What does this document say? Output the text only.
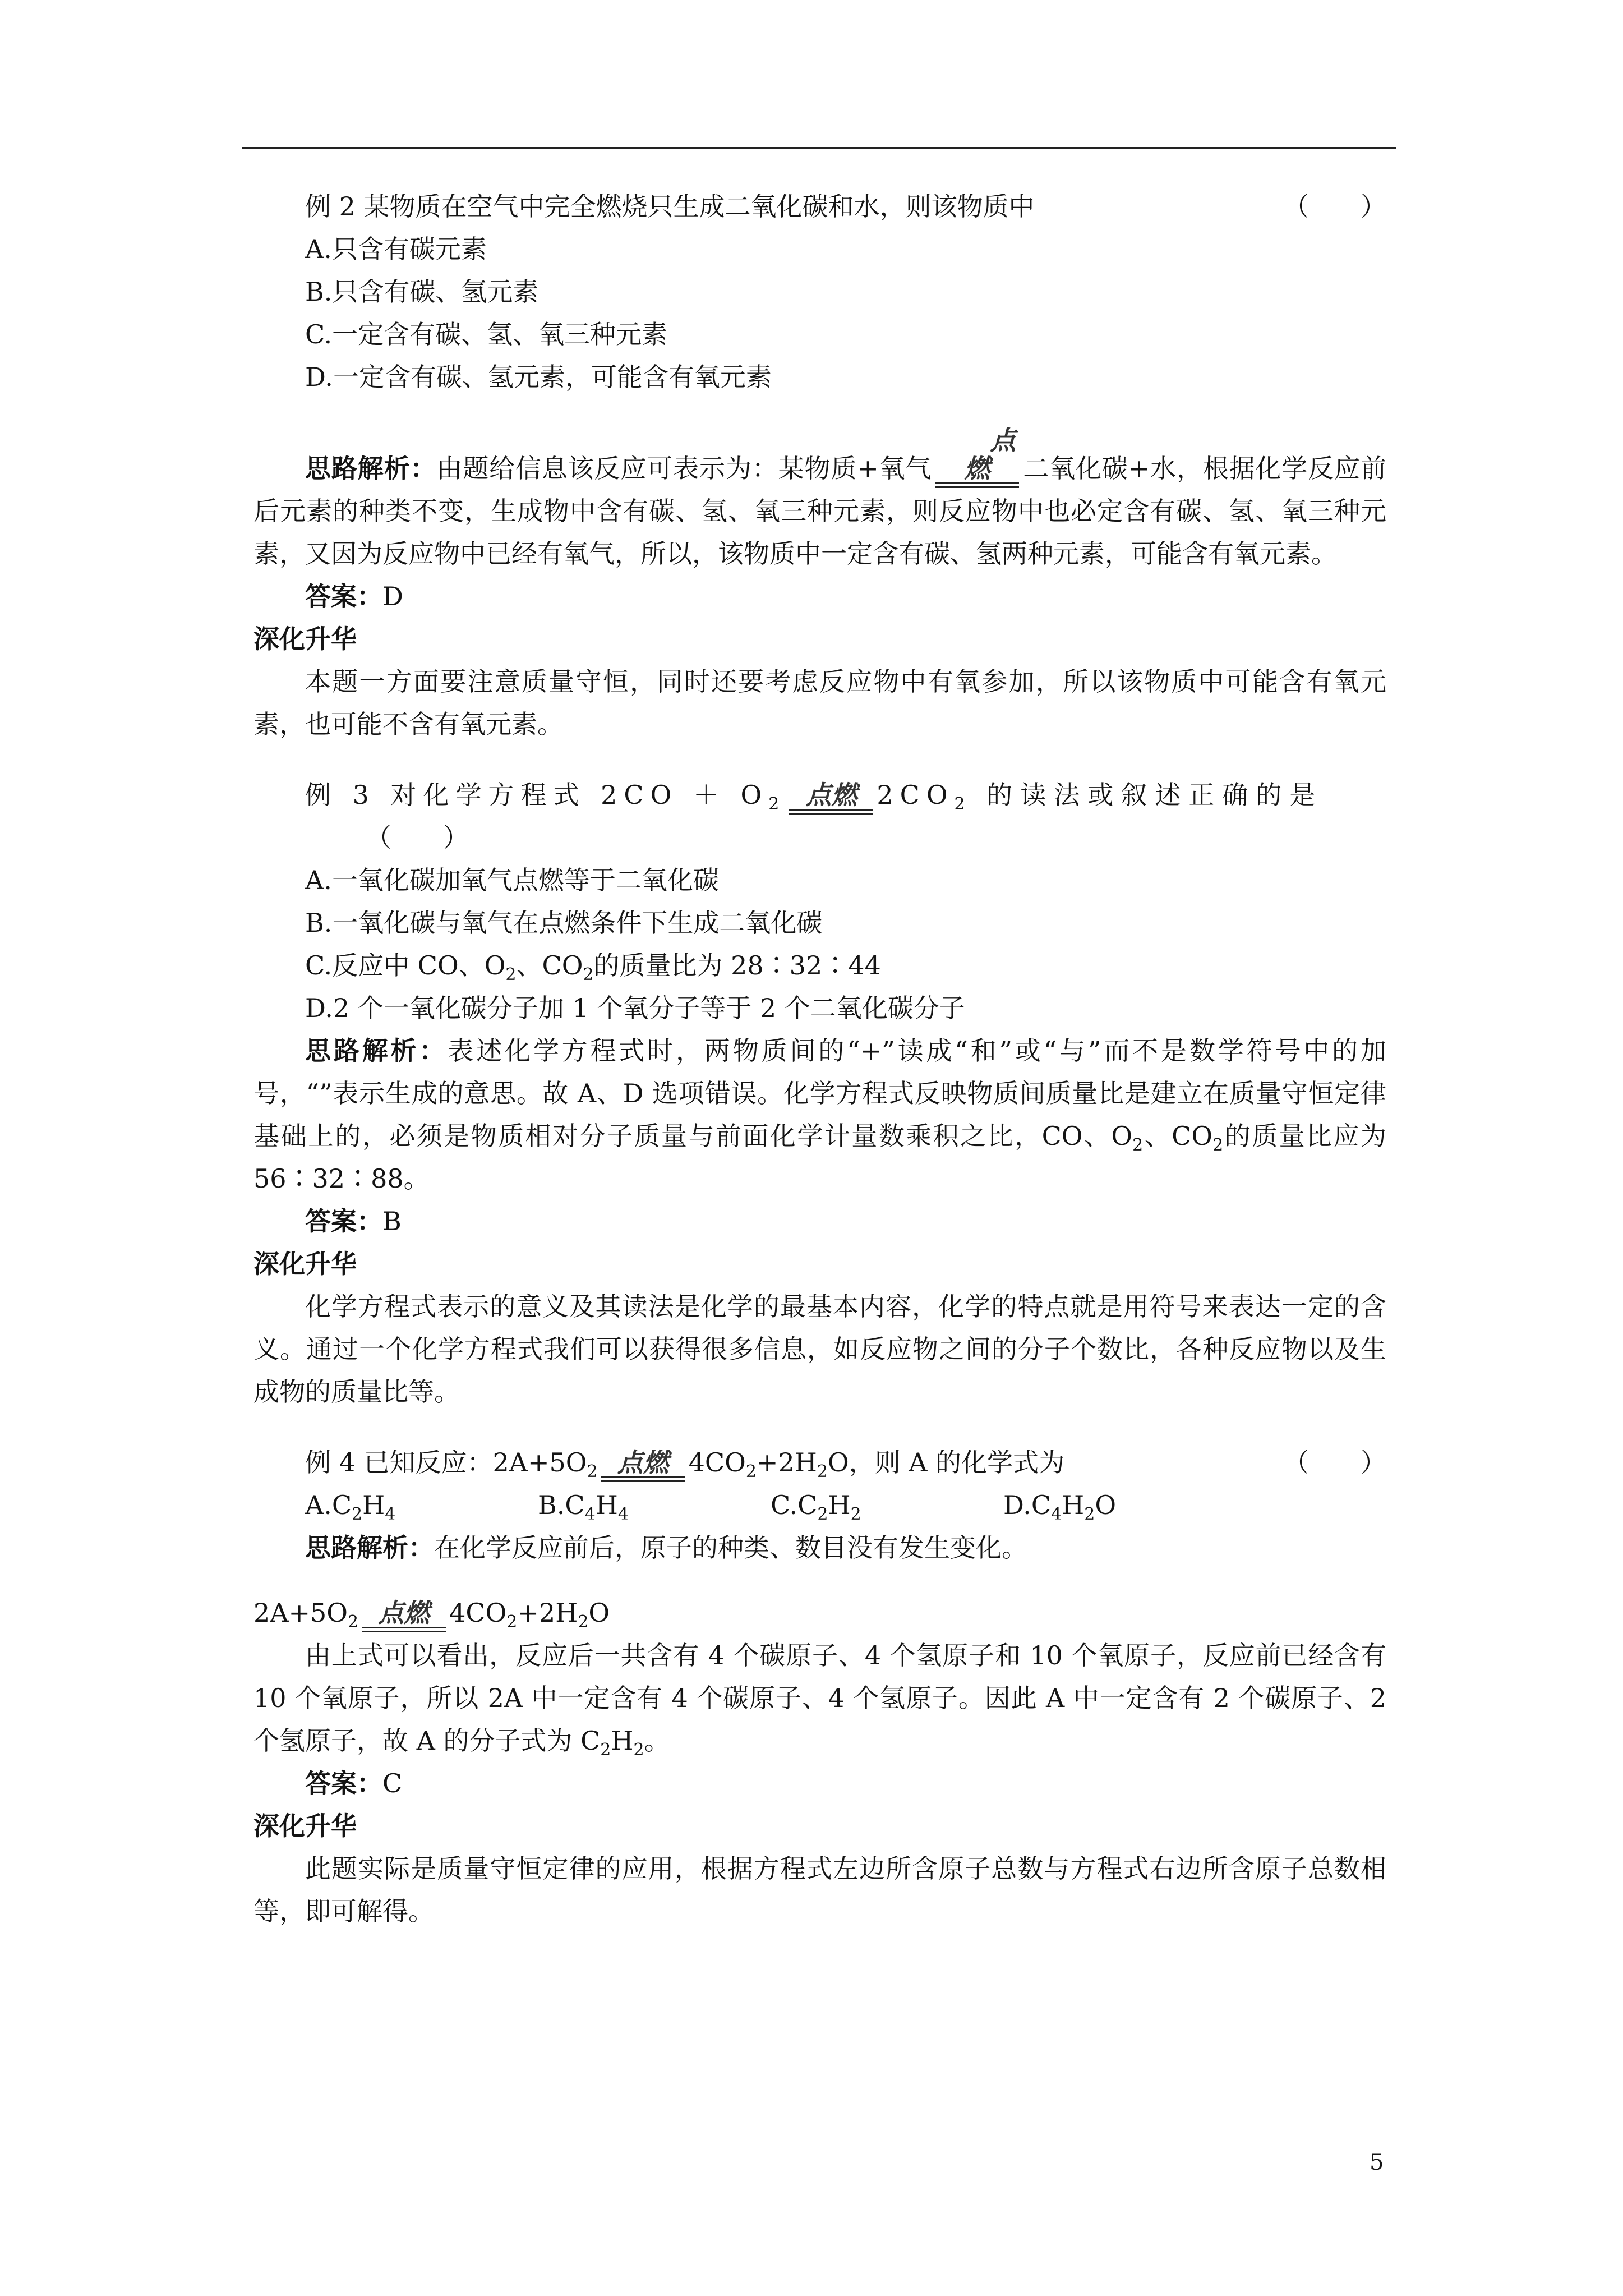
例 2 某物质在空气中完全燃烧只生成二氧化碳和水，则该物质中	（　　）
A.只含有碳元素
B.只含有碳、氢元素
C.一定含有碳、氢、氧三种元素
D.一定含有碳、氢元素，可能含有氧元素
思路解析：由题给信息该反应可表示为：某物质+氧气
点燃	二氧化碳+水，根据化学反应前后元素的种类不变，生成物中含有碳、氢、氧三种元素，则反应物中也必定含有碳、氢、氧三种元素，又因为反应物中已经有氧气，所以，该物质中一定含有碳、氢两种元素，可能含有氧元素。
答案：D
深化升华
本题一方面要注意质量守恒，同时还要考虑反应物中有氧参加，所以该物质中可能含有氧元素，也可能不含有氧元素。
例 3 对化学方程式 $2CO + O_2$ 点燃 $2CO_2$ 的读法或叙述正确的是
（　　）
A.一氧化碳加氧气点燃等于二氧化碳
B.一氧化碳与氧气在点燃条件下生成二氧化碳
C.反应中 CO、$O_2$、$CO_2$的质量比为 28∶32∶44
D.2 个一氧化碳分子加 1 个氧分子等于 2 个二氧化碳分子
思路解析：表述化学方程式时，两物质间的“+”读成“和”或“与”而不是数学符号中的加号，“”表示生成的意思。故 A、D 选项错误。化学方程式反映物质间质量比是建立在质量守恒定律基础上的，必须是物质相对分子质量与前面化学计量数乘积之比，CO、$O_2$、$CO_2$的质量比应为 56∶32∶88。
答案：B
深化升华
化学方程式表示的意义及其读法是化学的最基本内容，化学的特点就是用符号来表达一定的含义。通过一个化学方程式我们可以获得很多信息，如反应物之间的分子个数比，各种反应物以及生成物的质量比等。
例 4 已知反应：$2A+5O_2$ 点燃 $4CO_2+2H_2O$，则 A 的化学式为	（　　）
$A.C_2H_4$	$B.C_4H_4$	$C.C_2H_2$	$D.C_4H_2O$
思路解析：在化学反应前后，原子的种类、数目没有发生变化。
$2A+5O_2$ 点燃 $4CO_2+2H_2O$
由上式可以看出，反应后一共含有 4 个碳原子、4 个氢原子和 10 个氧原子，反应前已经含有 10 个氧原子，所以 2A 中一定含有 4 个碳原子、4 个氢原子。因此 A 中一定含有 2 个碳原子、2 个氢原子，故 A 的分子式为 $C_2H_2$。
答案：C
深化升华
此题实际是质量守恒定律的应用，根据方程式左边所含原子总数与方程式右边所含原子总数相等，即可解得。
5
